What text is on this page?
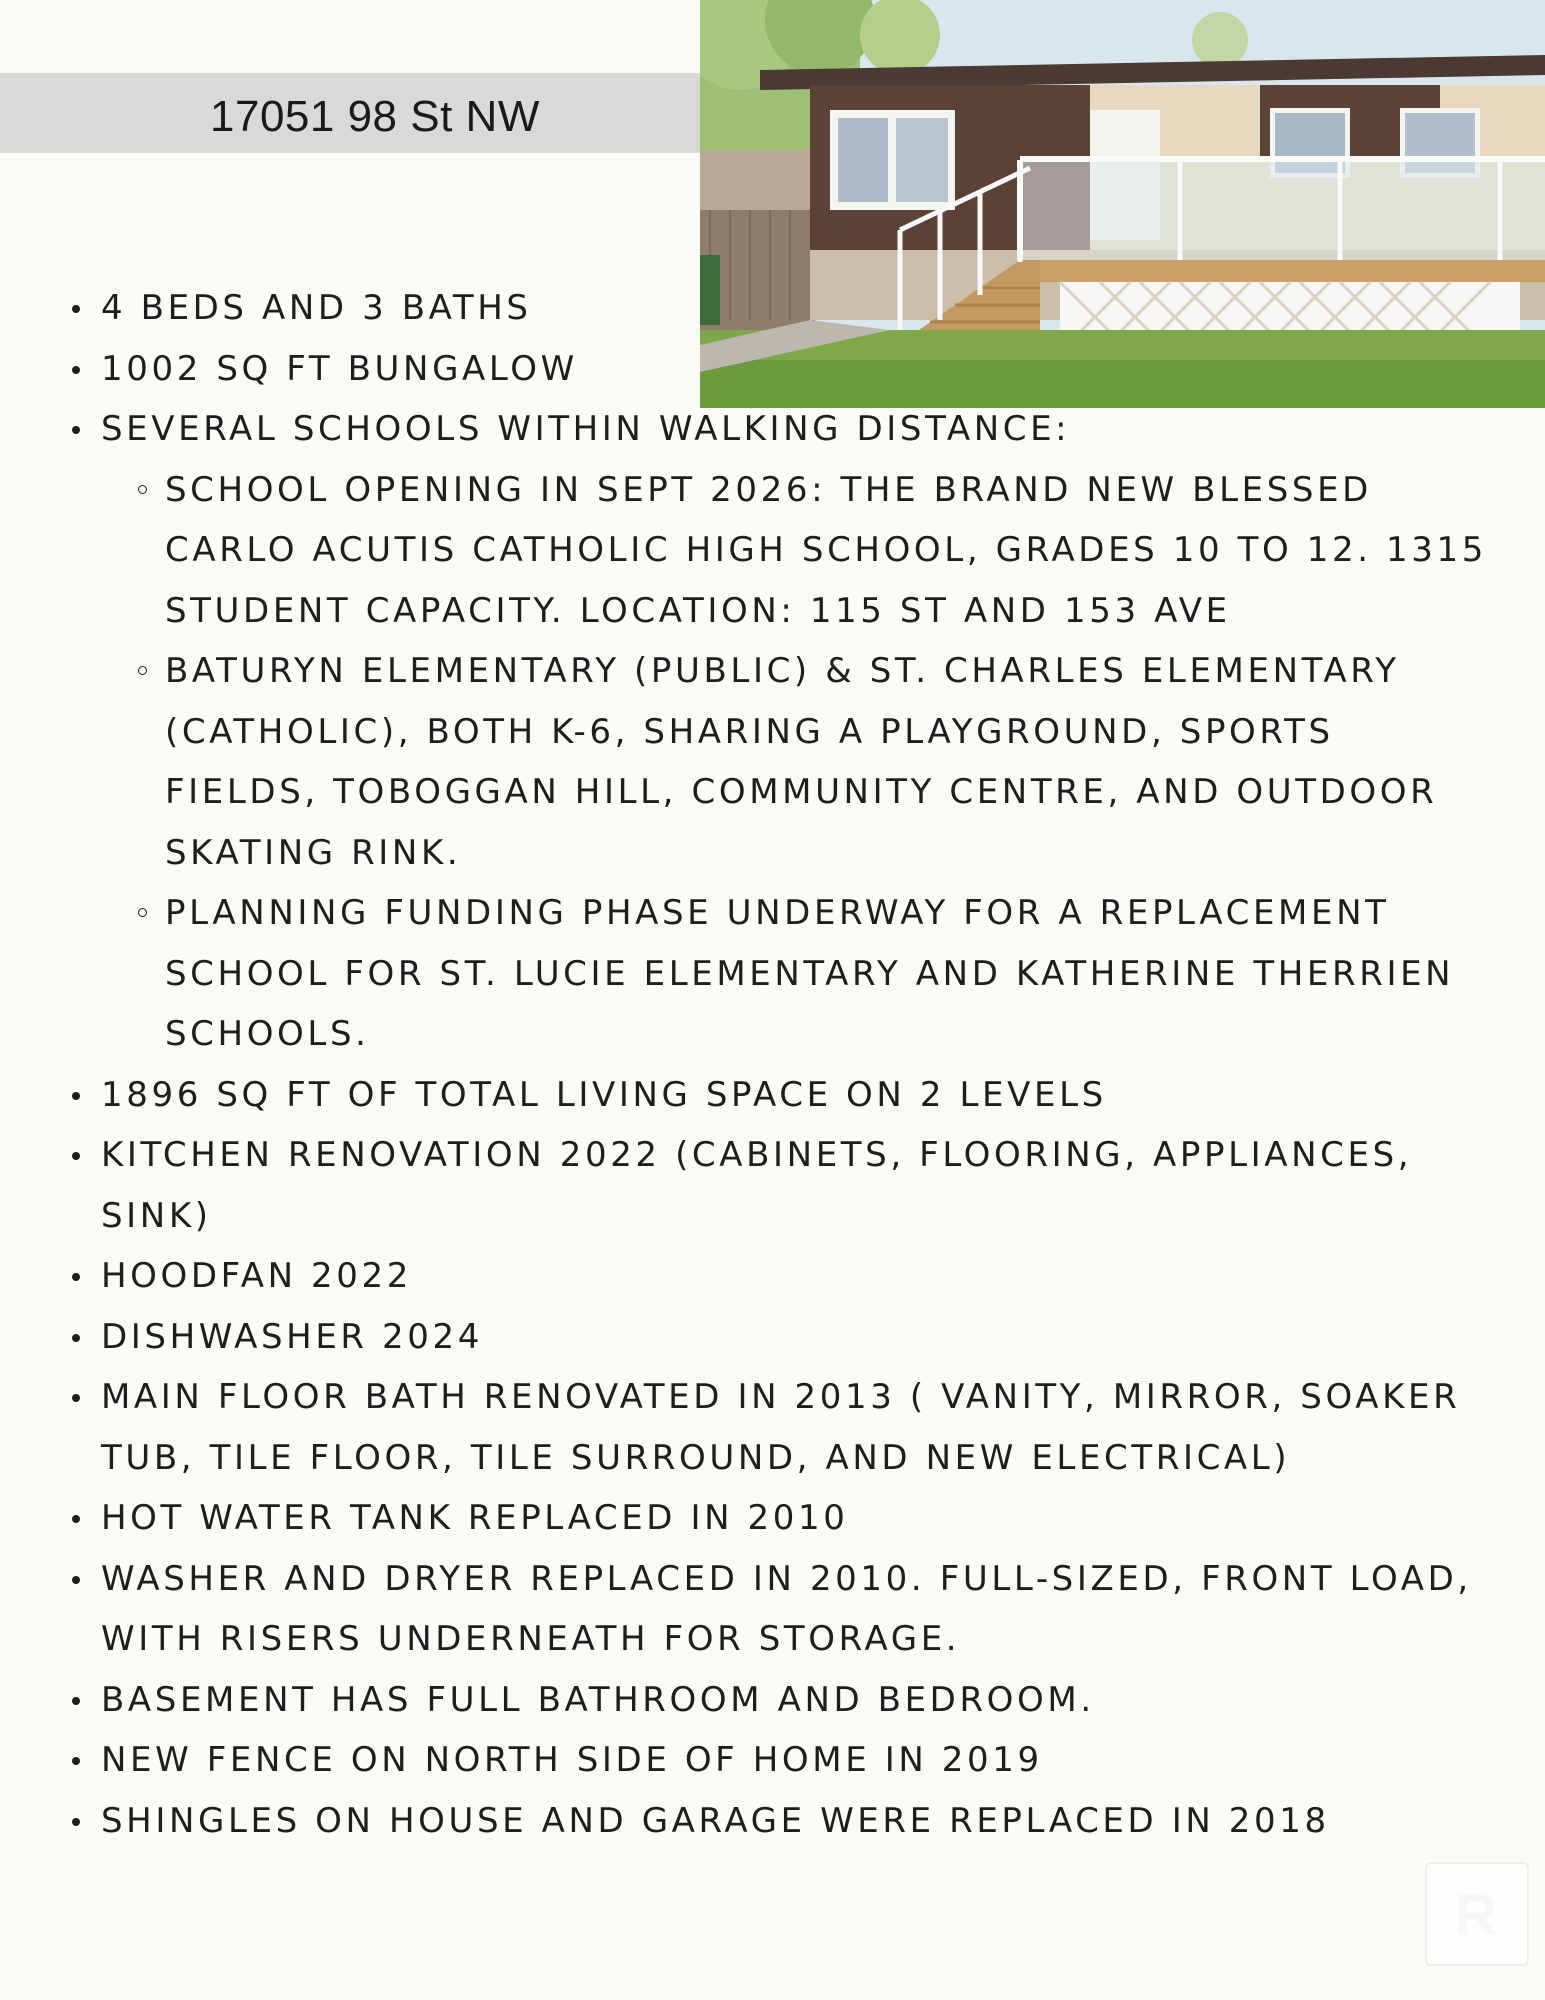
17051 98 St NW
4 BEDS AND 3 BATHS
1002 SQ FT BUNGALOW
SEVERAL SCHOOLS WITHIN WALKING DISTANCE:
SCHOOL OPENING IN SEPT 2026: THE BRAND NEW BLESSED CARLO ACUTIS CATHOLIC HIGH SCHOOL, GRADES 10 TO 12. 1315 STUDENT CAPACITY. LOCATION: 115 ST AND 153 AVE
BATURYN ELEMENTARY (PUBLIC) & ST. CHARLES ELEMENTARY (CATHOLIC), BOTH K-6, SHARING A PLAYGROUND, SPORTS FIELDS, TOBOGGAN HILL, COMMUNITY CENTRE, AND OUTDOOR SKATING RINK.
PLANNING FUNDING PHASE UNDERWAY FOR A REPLACEMENT SCHOOL FOR ST. LUCIE ELEMENTARY AND KATHERINE THERRIEN SCHOOLS.
1896 SQ FT OF TOTAL LIVING SPACE ON 2 LEVELS
KITCHEN RENOVATION 2022 (CABINETS, FLOORING, APPLIANCES, SINK)
HOODFAN 2022
DISHWASHER 2024
MAIN FLOOR BATH RENOVATED IN 2013 ( VANITY, MIRROR, SOAKER TUB, TILE FLOOR, TILE SURROUND, AND NEW ELECTRICAL)
HOT WATER TANK REPLACED IN 2010
WASHER AND DRYER REPLACED IN 2010. FULL-SIZED, FRONT LOAD, WITH RISERS UNDERNEATH FOR STORAGE.
BASEMENT HAS FULL BATHROOM AND BEDROOM.
NEW FENCE ON NORTH SIDE OF HOME IN 2019
SHINGLES ON HOUSE AND GARAGE WERE REPLACED IN 2018
R
